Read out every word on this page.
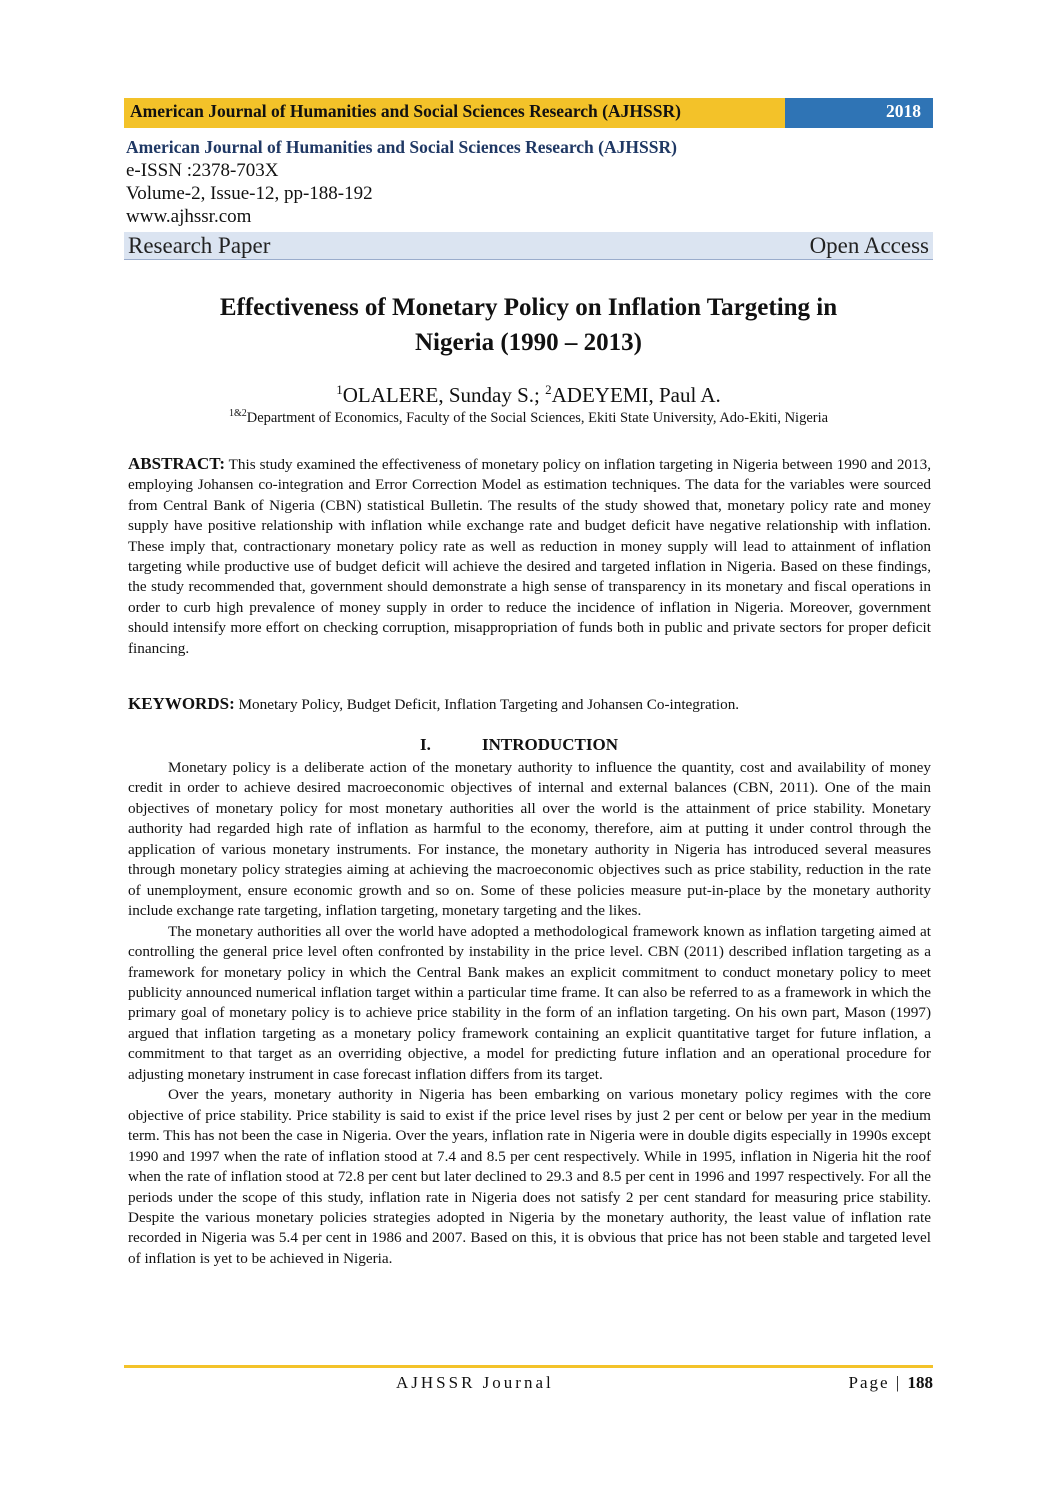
American Journal of Humanities and Social Sciences Research (AJHSSR)	2018
American Journal of Humanities and Social Sciences Research (AJHSSR)
e-ISSN :2378-703X
Volume-2, Issue-12, pp-188-192
www.ajhssr.com
Research Paper	Open Access
Effectiveness of Monetary Policy on Inflation Targeting in
Nigeria (1990 – 2013)
$^1$OLALERE, Sunday S.; $^2$ADEYEMI, Paul A.
$^{1\&2}$Department of Economics, Faculty of the Social Sciences, Ekiti State University, Ado-Ekiti, Nigeria
ABSTRACT: This study examined the effectiveness of monetary policy on inflation targeting in Nigeria between 1990 and 2013, employing Johansen co-integration and Error Correction Model as estimation techniques. The data for the variables were sourced from Central Bank of Nigeria (CBN) statistical Bulletin. The results of the study showed that, monetary policy rate and money supply have positive relationship with inflation while exchange rate and budget deficit have negative relationship with inflation. These imply that, contractionary monetary policy rate as well as reduction in money supply will lead to attainment of inflation targeting while productive use of budget deficit will achieve the desired and targeted inflation in Nigeria. Based on these findings, the study recommended that, government should demonstrate a high sense of transparency in its monetary and fiscal operations in order to curb high prevalence of money supply in order to reduce the incidence of inflation in Nigeria. Moreover, government should intensify more effort on checking corruption, misappropriation of funds both in public and private sectors for proper deficit financing.
KEYWORDS: Monetary Policy, Budget Deficit, Inflation Targeting and Johansen Co-integration.
I.	INTRODUCTION

Monetary policy is a deliberate action of the monetary authority to influence the quantity, cost and availability of money credit in order to achieve desired macroeconomic objectives of internal and external balances (CBN, 2011). One of the main objectives of monetary policy for most monetary authorities all over the world is the attainment of price stability. Monetary authority had regarded high rate of inflation as harmful to the economy, therefore, aim at putting it under control through the application of various monetary instruments. For instance, the monetary authority in Nigeria has introduced several measures through monetary policy strategies aiming at achieving the macroeconomic objectives such as price stability, reduction in the rate of unemployment, ensure economic growth and so on. Some of these policies measure put-in-place by the monetary authority include exchange rate targeting, inflation targeting, monetary targeting and the likes.

The monetary authorities all over the world have adopted a methodological framework known as inflation targeting aimed at controlling the general price level often confronted by instability in the price level. CBN (2011) described inflation targeting as a framework for monetary policy in which the Central Bank makes an explicit commitment to conduct monetary policy to meet publicity announced numerical inflation target within a particular time frame. It can also be referred to as a framework in which the primary goal of monetary policy is to achieve price stability in the form of an inflation targeting. On his own part, Mason (1997) argued that inflation targeting as a monetary policy framework containing an explicit quantitative target for future inflation, a commitment to that target as an overriding objective, a model for predicting future inflation and an operational procedure for adjusting monetary instrument in case forecast inflation differs from its target.

Over the years, monetary authority in Nigeria has been embarking on various monetary policy regimes with the core objective of price stability. Price stability is said to exist if the price level rises by just 2 per cent or below per year in the medium term. This has not been the case in Nigeria. Over the years, inflation rate in Nigeria were in double digits especially in 1990s except 1990 and 1997 when the rate of inflation stood at 7.4 and 8.5 per cent respectively. While in 1995, inflation in Nigeria hit the roof when the rate of inflation stood at 72.8 per cent but later declined to 29.3 and 8.5 per cent in 1996 and 1997 respectively. For all the periods under the scope of this study, inflation rate in Nigeria does not satisfy 2 per cent standard for measuring price stability. Despite the various monetary policies strategies adopted in Nigeria by the monetary authority, the least value of inflation rate recorded in Nigeria was 5.4 per cent in 1986 and 2007. Based on this, it is obvious that price has not been stable and targeted level of inflation is yet to be achieved in Nigeria.

AJHSSR Journal	Page | 188
